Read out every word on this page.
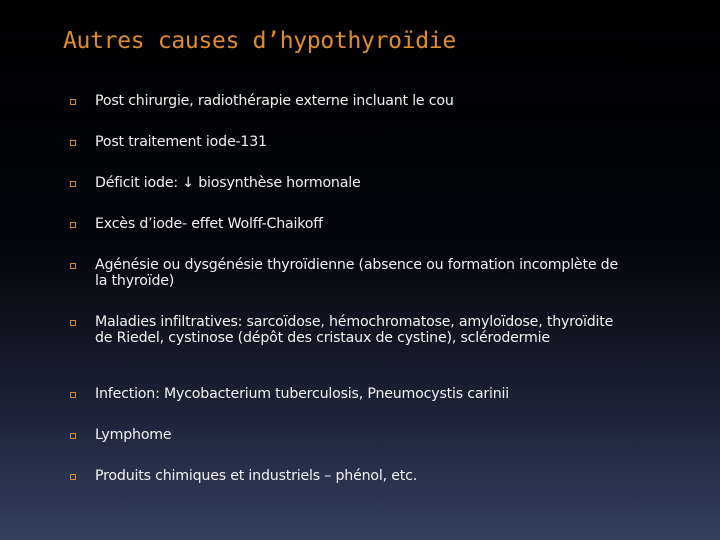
Autres causes d’hypothyroïdie
Post chirurgie, radiothérapie externe incluant le cou
Post traitement iode-131
Déficit iode: ↓ biosynthèse hormonale
Excès d’iode- effet Wolff-Chaikoff
Agénésie ou dysgénésie thyroïdienne (absence ou formation incomplète de la thyroïde)
Maladies infiltratives: sarcoïdose, hémochromatose, amyloïdose, thyroïdite de Riedel, cystinose (dépôt des cristaux de cystine), sclérodermie
Infection: Mycobacterium tuberculosis, Pneumocystis carinii
Lymphome
Produits chimiques et industriels – phénol, etc.
